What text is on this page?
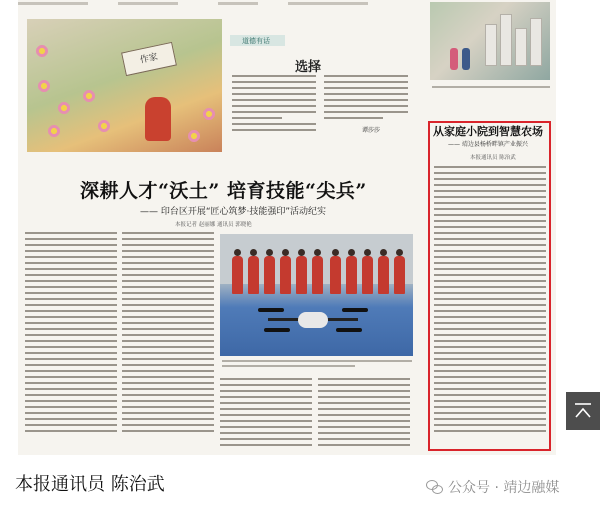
作家
道德有话
选择
谭莎莎
深耕人才“沃土” 培育技能“尖兵”
—— 印台区开展“匠心筑梦·技能强印”活动纪实
本报记者 赵丽娜 通讯员 郭晓艳
从家庭小院到智慧农场
—— 靖边县杨桥畔镇产业振兴
本报通讯员 陈治武
本报通讯员 陈治武	公众号 · 靖边融媒
